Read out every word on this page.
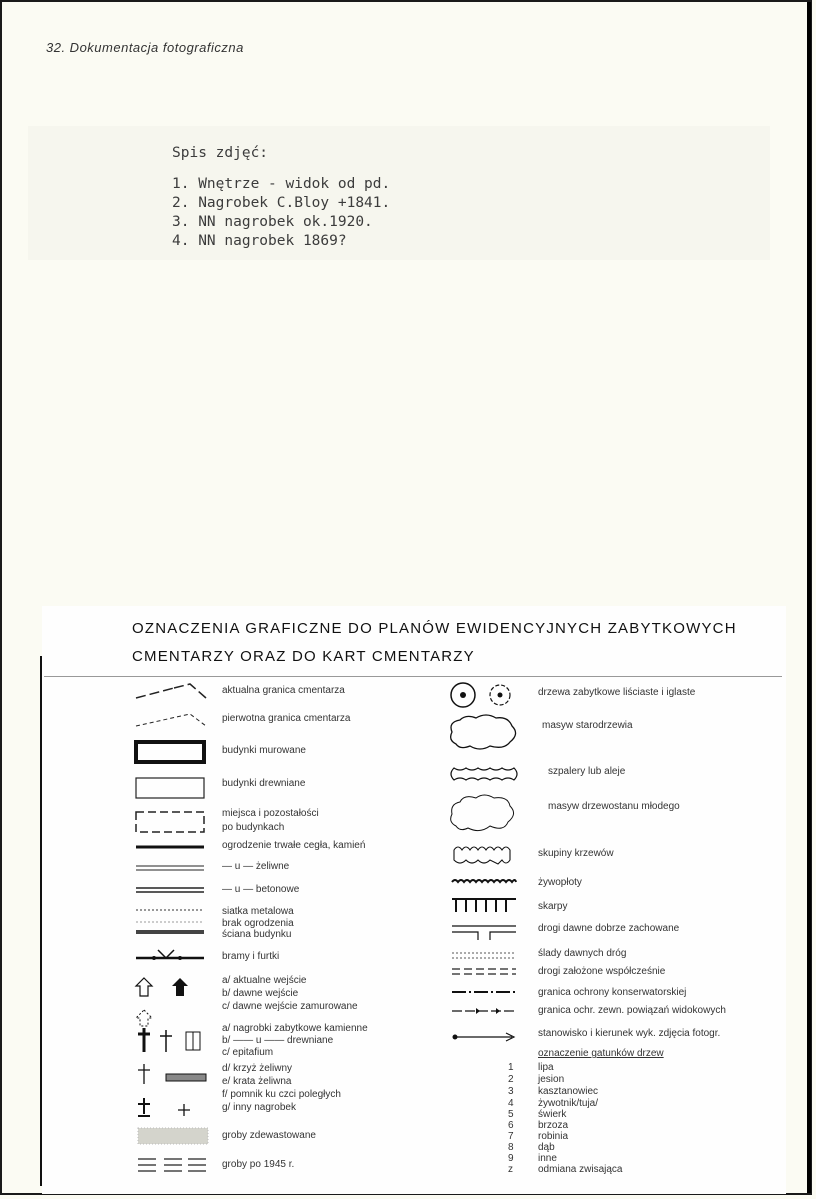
32. Dokumentacja fotograficzna
Spis zdjęć:
1. Wnętrze - widok od pd.
2. Nagrobek C.Bloy +1841.
3. NN nagrobek ok.1920.
4. NN nagrobek 1869?
OZNACZENIA GRAFICZNE DO PLANÓW EWIDENCYJNYCH ZABYTKOWYCH
CMENTARZY ORAZ DO KART CMENTARZY
aktualna granica cmentarza
pierwotna granica cmentarza
budynki murowane
budynki drewniane
miejsca i pozostałości
po budynkach
ogrodzenie trwałe cegła, kamień
— u — żeliwne
— u — betonowe
siatka metalowa
brak ogrodzenia
ściana budynku
bramy i furtki
a/ aktualne wejście
b/ dawne wejście
c/ dawne wejście zamurowane
a/ nagrobki zabytkowe kamienne
b/ —— u —— drewniane
c/ epitafium
d/ krzyż żeliwny
e/ krata żeliwna
f/ pomnik ku czci poległych
g/ inny nagrobek
groby zdewastowane
groby po 1945 r.
drzewa zabytkowe liściaste i iglaste
masyw starodrzewia
szpalery lub aleje
masyw drzewostanu młodego
skupiny krzewów
żywopłoty
skarpy
drogi dawne dobrze zachowane
ślady dawnych dróg
drogi założone współcześnie
granica ochrony konserwatorskiej
granica ochr. zewn. powiązań widokowych
stanowisko i kierunek wyk. zdjęcia fotogr.
oznaczenie gatunków drzew
1
2
3
4
5
6
7
8
9
z
lipa
jesion
kasztanowiec
żywotnik/tuja/
świerk
brzoza
robinia
dąb
inne
odmiana zwisająca
